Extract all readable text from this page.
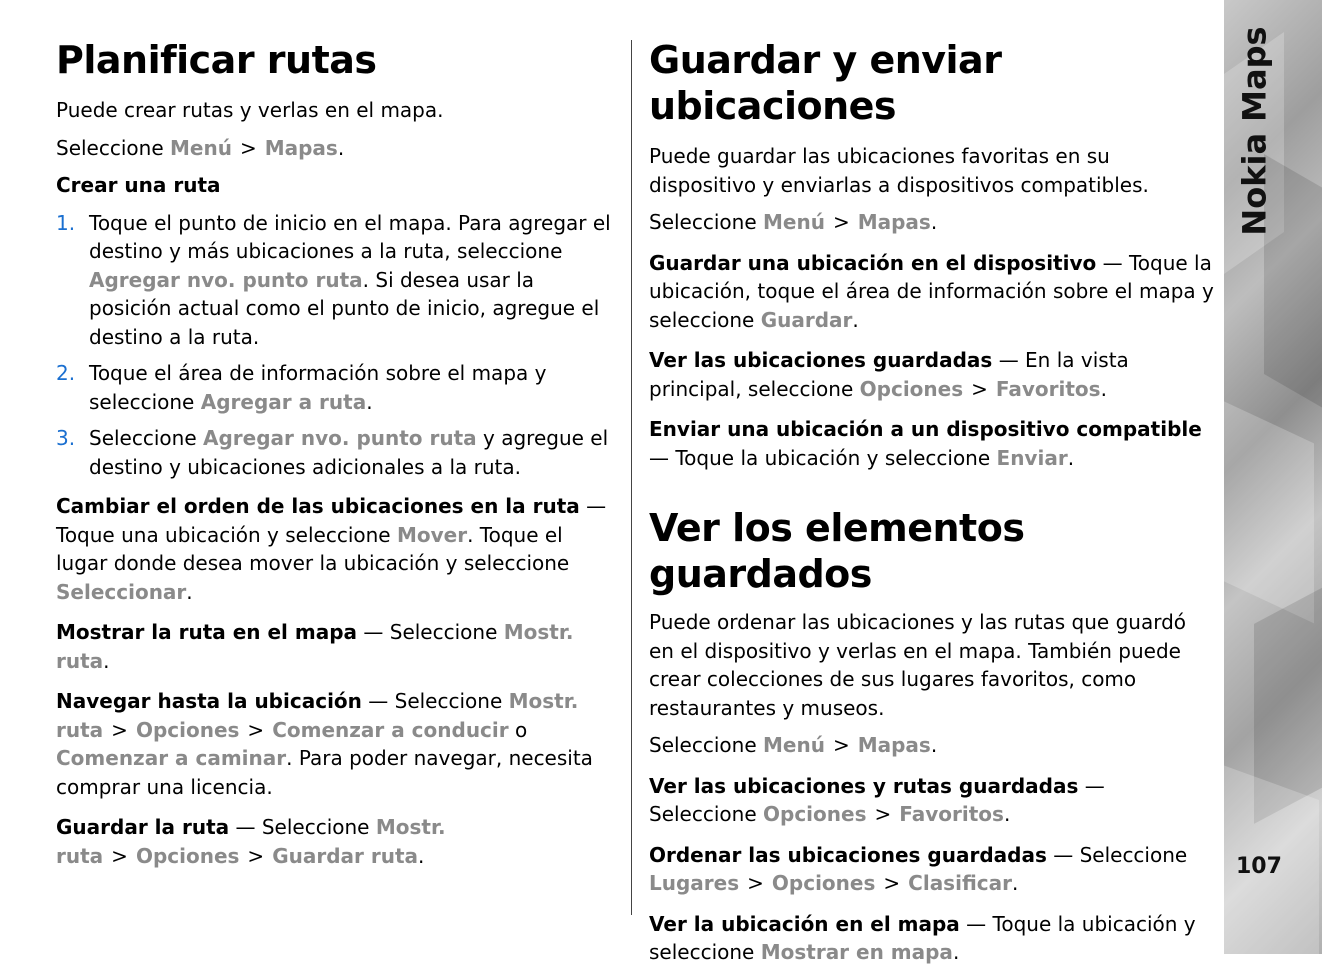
Planificar rutas

Puede crear rutas y verlas en el mapa.

Seleccione Menú > Mapas.

Crear una ruta

1. Toque el punto de inicio en el mapa. Para agregar el destino y más ubicaciones a la ruta, seleccione Agregar nvo. punto ruta. Si desea usar la posición actual como el punto de inicio, agregue el destino a la ruta.
2. Toque el área de información sobre el mapa y seleccione Agregar a ruta.
3. Seleccione Agregar nvo. punto ruta y agregue el destino y ubicaciones adicionales a la ruta.

Cambiar el orden de las ubicaciones en la ruta — Toque una ubicación y seleccione Mover. Toque el lugar donde desea mover la ubicación y seleccione Seleccionar.

Mostrar la ruta en el mapa — Seleccione Mostr. ruta.

Navegar hasta la ubicación — Seleccione Mostr. ruta > Opciones > Comenzar a conducir o Comenzar a caminar. Para poder navegar, necesita comprar una licencia.

Guardar la ruta — Seleccione Mostr. ruta > Opciones > Guardar ruta.

Guardar y enviar ubicaciones

Puede guardar las ubicaciones favoritas en su dispositivo y enviarlas a dispositivos compatibles.

Seleccione Menú > Mapas.

Guardar una ubicación en el dispositivo — Toque la ubicación, toque el área de información sobre el mapa y seleccione Guardar.

Ver las ubicaciones guardadas — En la vista principal, seleccione Opciones > Favoritos.

Enviar una ubicación a un dispositivo compatible — Toque la ubicación y seleccione Enviar.

Ver los elementos guardados

Puede ordenar las ubicaciones y las rutas que guardó en el dispositivo y verlas en el mapa. También puede crear colecciones de sus lugares favoritos, como restaurantes y museos.

Seleccione Menú > Mapas.

Ver las ubicaciones y rutas guardadas — Seleccione Opciones > Favoritos.

Ordenar las ubicaciones guardadas — Seleccione Lugares > Opciones > Clasificar.

Ver la ubicación en el mapa — Toque la ubicación y seleccione Mostrar en mapa.

Nokia Maps
107
